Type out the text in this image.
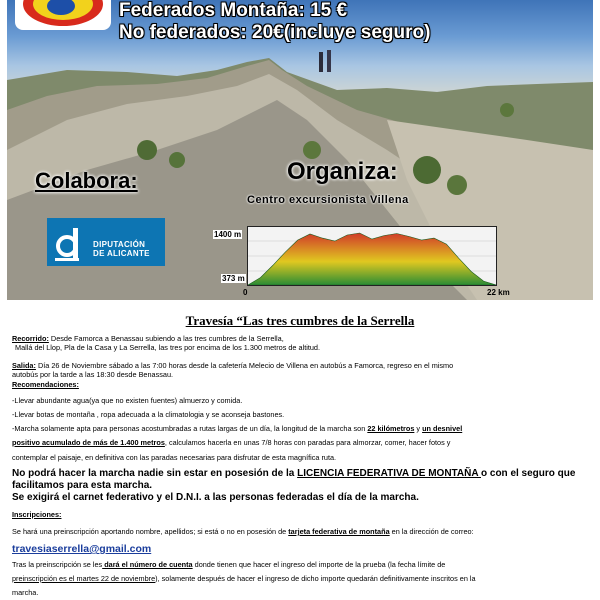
Federados Montaña: 15 €
No federados: 20€(incluye seguro)
Colabora:	Organiza:
Centro excursionista Villena
DIPUTACIÓN
DE ALICANTE
1400 m
373 m
0	22 km
Travesía “Las tres cumbres de la Serrella
Recorrido: Desde Famorca a Benassau subiendo a las tres cumbres de la Serrella,
Mallá del Llop, Pla de la Casa y La Serrella, las tres por encima de los 1.300 metros de altitud.
Salida: Día 26 de Noviembre sábado a las 7:00 horas desde la cafetería Melecio de Villena en autobús a Famorca, regreso en el mismo
autobús por la tarde a las 18:30 desde Benassau.
Recomendaciones:
-Llevar abundante agua(ya que no existen fuentes) almuerzo y comida.
-Llevar botas de montaña , ropa adecuada a la climatologia y se aconseja bastones.
-Marcha solamente apta para personas acostumbradas a rutas largas de un día, la longitud de la marcha son 22 kilómetros y un desnivel
positivo acumulado de más de 1.400 metros, calculamos hacerla en unas 7/8 horas con paradas para almorzar, comer, hacer fotos y
contemplar el paisaje, en definitiva con las paradas necesarias para disfrutar de esta magnífica ruta.
No podrá hacer la marcha nadie sin estar en posesión de la LICENCIA FEDERATIVA DE MONTAÑA o con el seguro que
facilitamos para esta marcha.
Se exigirá el carnet federativo y el D.N.I. a las personas federadas el día de la marcha.
Inscripciones:
Se hará una preinscripción aportando nombre, apellidos; si está o no en posesión de tarjeta federativa de montaña en la dirección de correo:
travesiaserrella@gmail.com
Tras la preinscripción se les dará el número de cuenta donde tienen que hacer el ingreso del importe de la prueba (la fecha límite de
preinscripción es el martes 22 de noviembre), solamente después de hacer el ingreso de dicho importe quedarán definitivamente inscritos en la
marcha.
